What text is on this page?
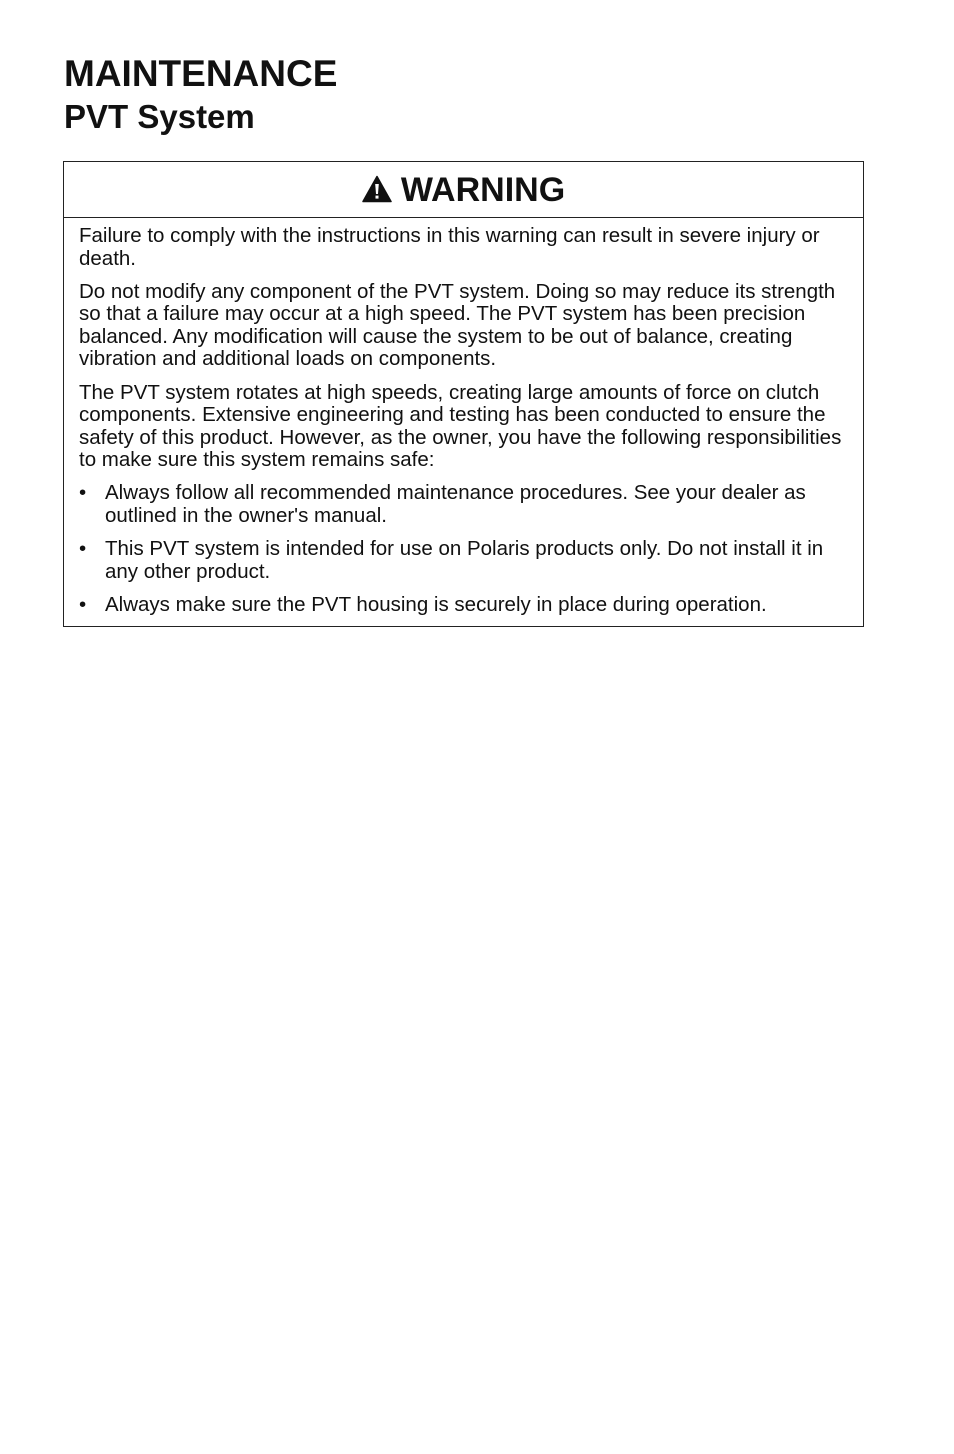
MAINTENANCE
PVT System
WARNING

Failure to comply with the instructions in this warning can result in severe injury or death.

Do not modify any component of the PVT system. Doing so may reduce its strength so that a failure may occur at a high speed. The PVT system has been precision balanced. Any modification will cause the system to be out of balance, creating vibration and additional loads on components.

The PVT system rotates at high speeds, creating large amounts of force on clutch components. Extensive engineering and testing has been conducted to ensure the safety of this product. However, as the owner, you have the following responsibilities to make sure this system remains safe:

• Always follow all recommended maintenance procedures. See your dealer as outlined in the owner's manual.
• This PVT system is intended for use on Polaris products only. Do not install it in any other product.
• Always make sure the PVT housing is securely in place during operation.
